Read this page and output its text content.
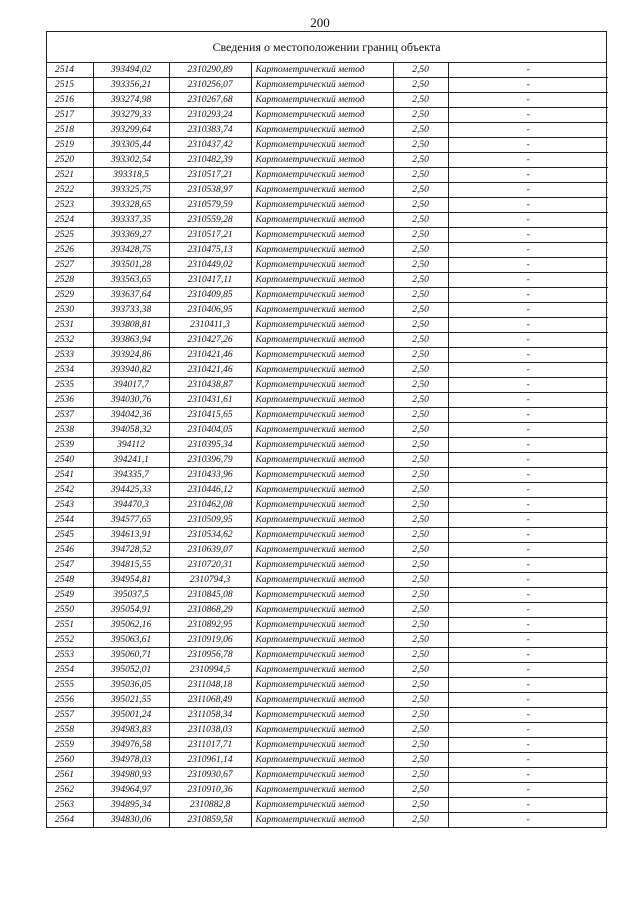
200
Сведения о местоположении границ объекта
2514	393494,02	2310290,89	Картометрический метод	2,50	-
2515	393356,21	2310256,07	Картометрический метод	2,50	-
2516	393274,98	2310267,68	Картометрический метод	2,50	-
2517	393279,33	2310293,24	Картометрический метод	2,50	-
2518	393299,64	2310383,74	Картометрический метод	2,50	-
2519	393305,44	2310437,42	Картометрический метод	2,50	-
2520	393302,54	2310482,39	Картометрический метод	2,50	-
2521	393318,5	2310517,21	Картометрический метод	2,50	-
2522	393325,75	2310538,97	Картометрический метод	2,50	-
2523	393328,65	2310579,59	Картометрический метод	2,50	-
2524	393337,35	2310559,28	Картометрический метод	2,50	-
2525	393369,27	2310517,21	Картометрический метод	2,50	-
2526	393428,75	2310475,13	Картометрический метод	2,50	-
2527	393501,28	2310449,02	Картометрический метод	2,50	-
2528	393563,65	2310417,11	Картометрический метод	2,50	-
2529	393637,64	2310409,85	Картометрический метод	2,50	-
2530	393733,38	2310406,95	Картометрический метод	2,50	-
2531	393808,81	2310411,3	Картометрический метод	2,50	-
2532	393863,94	2310427,26	Картометрический метод	2,50	-
2533	393924,86	2310421,46	Картометрический метод	2,50	-
2534	393940,82	2310421,46	Картометрический метод	2,50	-
2535	394017,7	2310438,87	Картометрический метод	2,50	-
2536	394030,76	2310431,61	Картометрический метод	2,50	-
2537	394042,36	2310415,65	Картометрический метод	2,50	-
2538	394058,32	2310404,05	Картометрический метод	2,50	-
2539	394112	2310395,34	Картометрический метод	2,50	-
2540	394241,1	2310396,79	Картометрический метод	2,50	-
2541	394335,7	2310433,96	Картометрический метод	2,50	-
2542	394425,33	2310446,12	Картометрический метод	2,50	-
2543	394470,3	2310462,08	Картометрический метод	2,50	-
2544	394577,65	2310509,95	Картометрический метод	2,50	-
2545	394613,91	2310534,62	Картометрический метод	2,50	-
2546	394728,52	2310639,07	Картометрический метод	2,50	-
2547	394815,55	2310720,31	Картометрический метод	2,50	-
2548	394954,81	2310794,3	Картометрический метод	2,50	-
2549	395037,5	2310845,08	Картометрический метод	2,50	-
2550	395054,91	2310868,29	Картометрический метод	2,50	-
2551	395062,16	2310892,95	Картометрический метод	2,50	-
2552	395063,61	2310919,06	Картометрический метод	2,50	-
2553	395060,71	2310956,78	Картометрический метод	2,50	-
2554	395052,01	2310994,5	Картометрический метод	2,50	-
2555	395036,05	2311048,18	Картометрический метод	2,50	-
2556	395021,55	2311068,49	Картометрический метод	2,50	-
2557	395001,24	2311058,34	Картометрический метод	2,50	-
2558	394983,83	2311038,03	Картометрический метод	2,50	-
2559	394976,58	2311017,71	Картометрический метод	2,50	-
2560	394978,03	2310961,14	Картометрический метод	2,50	-
2561	394980,93	2310930,67	Картометрический метод	2,50	-
2562	394964,97	2310910,36	Картометрический метод	2,50	-
2563	394895,34	2310882,8	Картометрический метод	2,50	-
2564	394830,06	2310859,58	Картометрический метод	2,50	-
